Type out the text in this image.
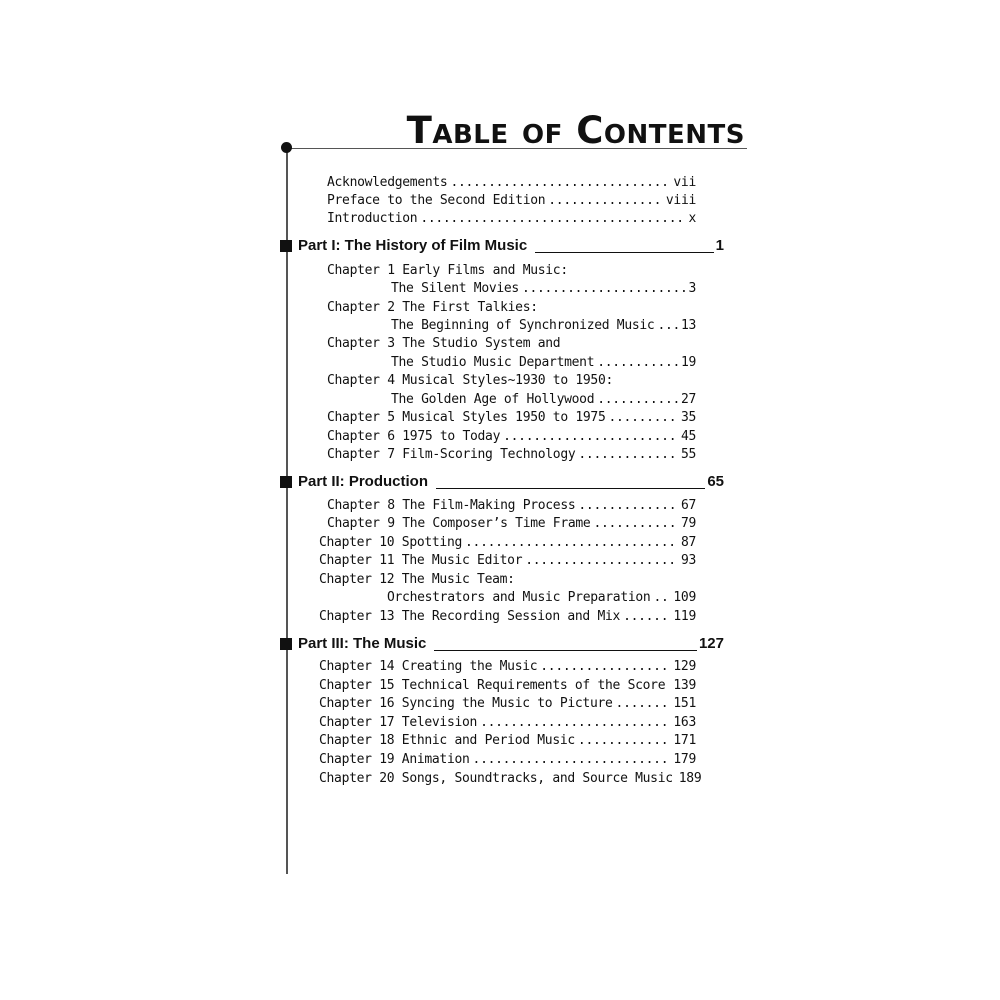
Table of Contents
Acknowledgements .....	vii
Preface to the Second Edition .....	viii
Introduction .....	x
Part I: The History of Film Music	1
Chapter 1 Early Films and Music:
The Silent Movies .....	3
Chapter 2 The First Talkies:
The Beginning of Synchronized Music ..... 13
Chapter 3 The Studio System and
The Studio Music Department .....	19
Chapter 4 Musical Styles~1930 to 1950:
The Golden Age of Hollywood .....	27
Chapter 5 Musical Styles 1950 to 1975 .....	35
Chapter 6 1975 to Today .....	45
Chapter 7 Film-Scoring Technology .....	55
Part II: Production	65
Chapter 8 The Film-Making Process .....	67
Chapter 9 The Composer’s Time Frame .....	79
Chapter 10 Spotting .....	87
Chapter 11 The Music Editor .....	93
Chapter 12 The Music Team:
Orchestrators and Music Preparation ..... 109
Chapter 13 The Recording Session and Mix .....	119
Part III: The Music	127
Chapter 14 Creating the Music .....	129
Chapter 15 Technical Requirements of the Score ..... 139
Chapter 16 Syncing the Music to Picture .....	151
Chapter 17 Television .....	163
Chapter 18 Ethnic and Period Music .....	171
Chapter 19 Animation .....	179
Chapter 20 Songs, Soundtracks, and Source Music 189
